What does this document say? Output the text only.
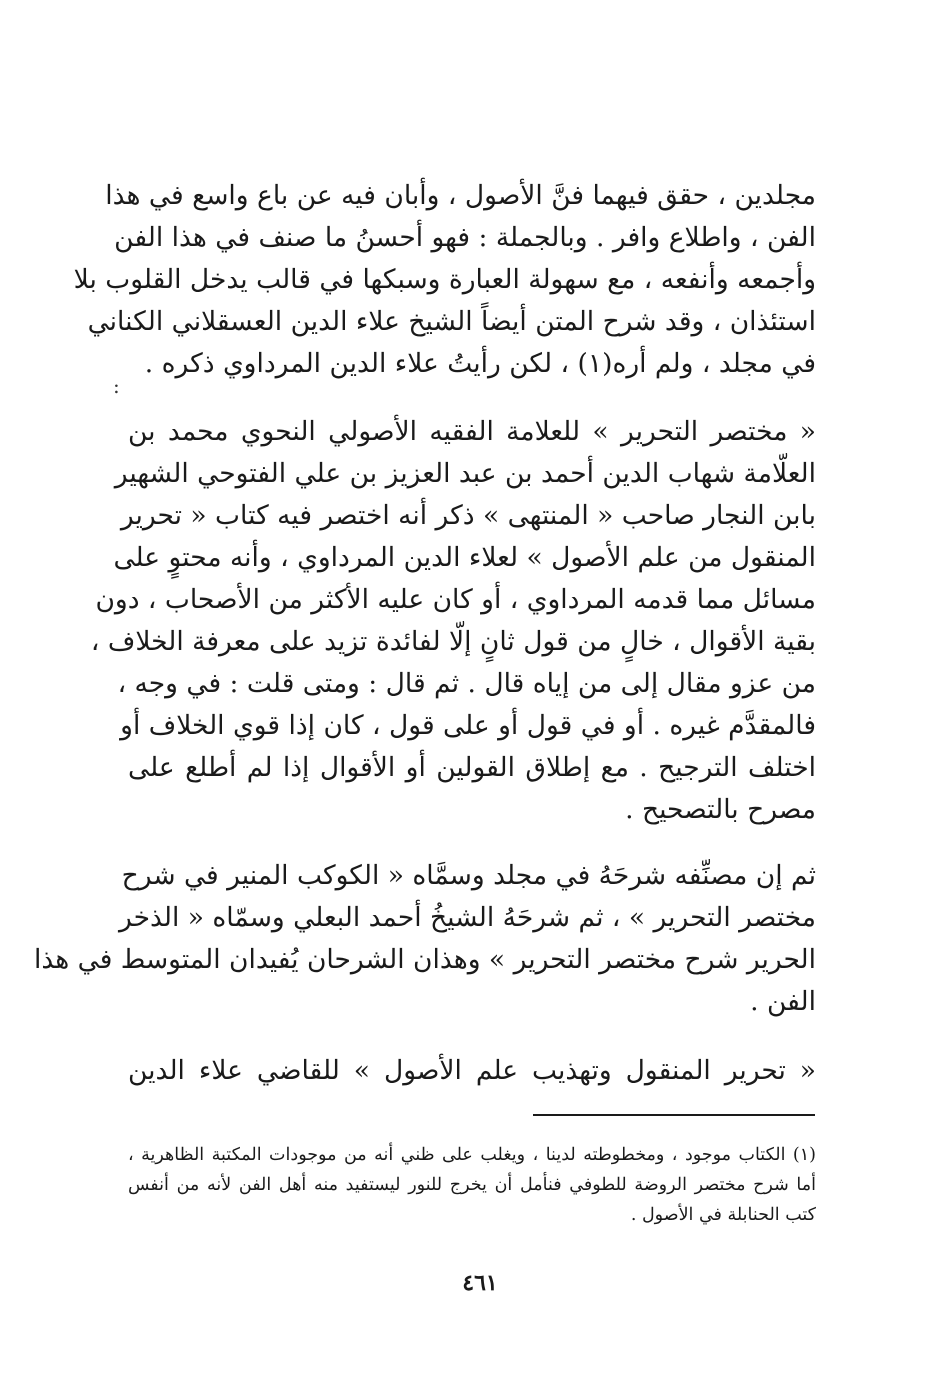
مجلدين ، حقق فيهما فنَّ الأصول ، وأبان فيه عن باع واسع في هذا
الفن ، واطلاع وافر . وبالجملة : فهو أحسنُ ما صنف في هذا الفن
وأجمعه وأنفعه ، مع سهولة العبارة وسبكها في قالب يدخل القلوب بلا
استئذان ، وقد شرح المتن أيضاً الشيخ علاء الدين العسقلاني الكناني
في مجلد ، ولم أره(١) ، لكن رأيتُ علاء الدين المرداوي ذكره .
:
« مختصر التحرير » للعلامة الفقيه الأصولي النحوي محمد بن
العلّامة شهاب الدين أحمد بن عبد العزيز بن علي الفتوحي الشهير
بابن النجار صاحب « المنتهى » ذكر أنه اختصر فيه كتاب « تحرير
المنقول من علم الأصول » لعلاء الدين المرداوي ، وأنه محتوٍ على
مسائل مما قدمه المرداوي ، أو كان عليه الأكثر من الأصحاب ، دون
بقية الأقوال ، خالٍ من قول ثانٍ إلّا لفائدة تزيد على معرفة الخلاف ،
من عزو مقال إلى من إياه قال . ثم قال : ومتى قلت : في وجه ،
فالمقدَّم غيره . أو في قول أو على قول ، كان إذا قوي الخلاف أو
اختلف الترجيح . مع إطلاق القولين أو الأقوال إذا لم أطلع على
مصرح بالتصحيح .
ثم إن مصنِّفه شرحَهُ في مجلد وسمَّاه « الكوكب المنير في شرح
مختصر التحرير » ، ثم شرحَهُ الشيخُ أحمد البعلي وسمّاه « الذخر
الحرير شرح مختصر التحرير » وهذان الشرحان يُفيدان المتوسط في هذا
الفن .
« تحرير المنقول وتهذيب علم الأصول » للقاضي علاء الدين
(١) الكتاب موجود ، ومخطوطته لدينا ، ويغلب على ظني أنه من موجودات المكتبة الظاهرية ،
أما شرح مختصر الروضة للطوفي فنأمل أن يخرج للنور ليستفيد منه أهل الفن لأنه من أنفس
كتب الحنابلة في الأصول .
٤٦١
